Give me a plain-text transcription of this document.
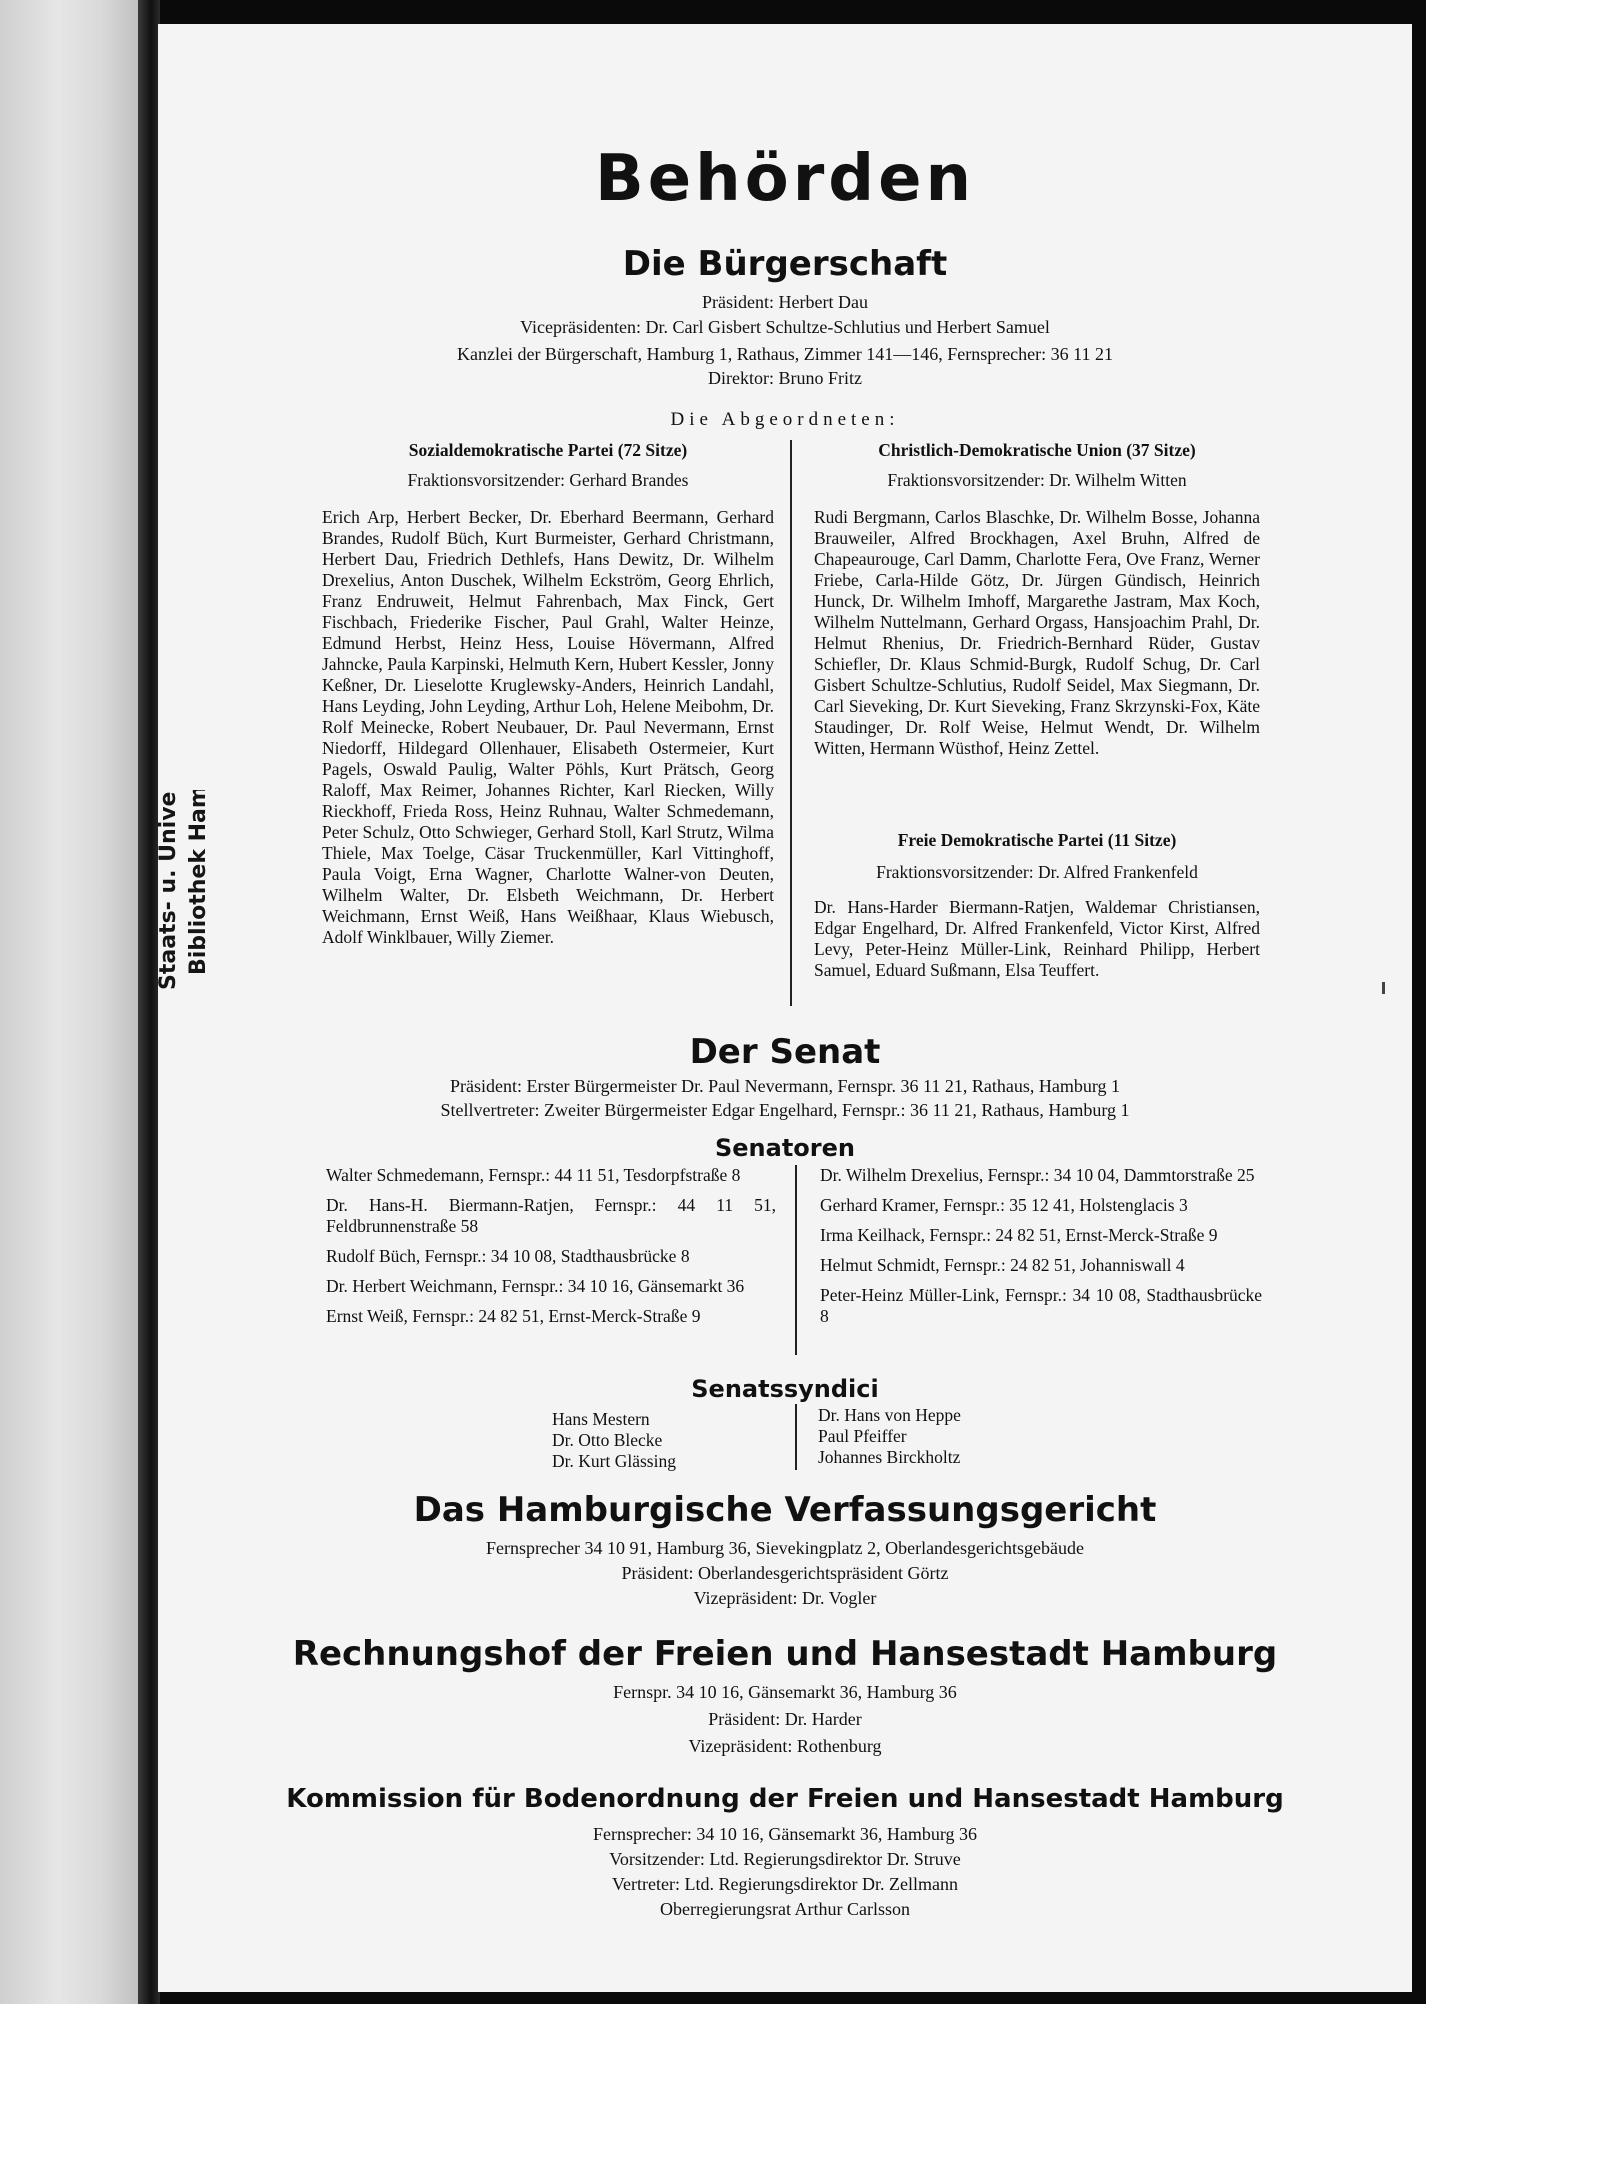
Staats- u. Universitäts- Bibliothek Hamburg
Behörden
Die Bürgerschaft
Präsident: Herbert Dau
Vicepräsidenten: Dr. Carl Gisbert Schultze-Schlutius und Herbert Samuel
Kanzlei der Bürgerschaft, Hamburg 1, Rathaus, Zimmer 141—146, Fernsprecher: 36 11 21
Direktor: Bruno Fritz
Die Abgeordneten:
Sozialdemokratische Partei (72 Sitze)
Fraktionsvorsitzender: Gerhard Brandes
Erich Arp, Herbert Becker, Dr. Eberhard Beermann, Gerhard Brandes, Rudolf Büch, Kurt Burmeister, Gerhard Christmann, Herbert Dau, Friedrich Dethlefs, Hans Dewitz, Dr. Wilhelm Drexelius, Anton Duschek, Wilhelm Eckström, Georg Ehrlich, Franz Endruweit, Helmut Fahrenbach, Max Finck, Gert Fischbach, Friederike Fischer, Paul Grahl, Walter Heinze, Edmund Herbst, Heinz Hess, Louise Hövermann, Alfred Jahncke, Paula Karpinski, Helmuth Kern, Hubert Kessler, Jonny Keßner, Dr. Lieselotte Kruglewsky-Anders, Heinrich Landahl, Hans Leyding, John Leyding, Arthur Loh, Helene Meibohm, Dr. Rolf Meinecke, Robert Neubauer, Dr. Paul Nevermann, Ernst Niedorff, Hildegard Ollenhauer, Elisabeth Ostermeier, Kurt Pagels, Oswald Paulig, Walter Pöhls, Kurt Prätsch, Georg Raloff, Max Reimer, Johannes Richter, Karl Riecken, Willy Rieckhoff, Frieda Ross, Heinz Ruhnau, Walter Schmedemann, Peter Schulz, Otto Schwieger, Gerhard Stoll, Karl Strutz, Wilma Thiele, Max Toelge, Cäsar Truckenmüller, Karl Vittinghoff, Paula Voigt, Erna Wagner, Charlotte Walner-von Deuten, Wilhelm Walter, Dr. Elsbeth Weichmann, Dr. Herbert Weichmann, Ernst Weiß, Hans Weißhaar, Klaus Wiebusch, Adolf Winklbauer, Willy Ziemer.
Christlich-Demokratische Union (37 Sitze)
Fraktionsvorsitzender: Dr. Wilhelm Witten
Rudi Bergmann, Carlos Blaschke, Dr. Wilhelm Bosse, Johanna Brauweiler, Alfred Brockhagen, Axel Bruhn, Alfred de Chapeaurouge, Carl Damm, Charlotte Fera, Ove Franz, Werner Friebe, Carla-Hilde Götz, Dr. Jürgen Gündisch, Heinrich Hunck, Dr. Wilhelm Imhoff, Margarethe Jastram, Max Koch, Wilhelm Nuttelmann, Gerhard Orgass, Hansjoachim Prahl, Dr. Helmut Rhenius, Dr. Friedrich-Bernhard Rüder, Gustav Schiefler, Dr. Klaus Schmid-Burgk, Rudolf Schug, Dr. Carl Gisbert Schultze-Schlutius, Rudolf Seidel, Max Siegmann, Dr. Carl Sieveking, Dr. Kurt Sieveking, Franz Skrzynski-Fox, Käte Staudinger, Dr. Rolf Weise, Helmut Wendt, Dr. Wilhelm Witten, Hermann Wüsthof, Heinz Zettel.
Freie Demokratische Partei (11 Sitze)
Fraktionsvorsitzender: Dr. Alfred Frankenfeld
Dr. Hans-Harder Biermann-Ratjen, Waldemar Christiansen, Edgar Engelhard, Dr. Alfred Frankenfeld, Victor Kirst, Alfred Levy, Peter-Heinz Müller-Link, Reinhard Philipp, Herbert Samuel, Eduard Sußmann, Elsa Teuffert.
Der Senat
Präsident: Erster Bürgermeister Dr. Paul Nevermann, Fernspr. 36 11 21, Rathaus, Hamburg 1
Stellvertreter: Zweiter Bürgermeister Edgar Engelhard, Fernspr.: 36 11 21, Rathaus, Hamburg 1
Senatoren
Walter Schmedemann, Fernspr.: 44 11 51, Tesdorpfstraße 8
Dr. Hans-H. Biermann-Ratjen, Fernspr.: 44 11 51, Feldbrunnenstraße 58
Rudolf Büch, Fernspr.: 34 10 08, Stadthausbrücke 8
Dr. Herbert Weichmann, Fernspr.: 34 10 16, Gänsemarkt 36
Ernst Weiß, Fernspr.: 24 82 51, Ernst-Merck-Straße 9
Dr. Wilhelm Drexelius, Fernspr.: 34 10 04, Dammtorstraße 25
Gerhard Kramer, Fernspr.: 35 12 41, Holstenglacis 3
Irma Keilhack, Fernspr.: 24 82 51, Ernst-Merck-Straße 9
Helmut Schmidt, Fernspr.: 24 82 51, Johanniswall 4
Peter-Heinz Müller-Link, Fernspr.: 34 10 08, Stadthausbrücke 8
Senatssyndici
Hans Mestern
Dr. Otto Blecke
Dr. Kurt Glässing
Dr. Hans von Heppe
Paul Pfeiffer
Johannes Birckholtz
Das Hamburgische Verfassungsgericht
Fernsprecher 34 10 91, Hamburg 36, Sievekingplatz 2, Oberlandesgerichtsgebäude
Präsident: Oberlandesgerichtspräsident Görtz
Vizepräsident: Dr. Vogler
Rechnungshof der Freien und Hansestadt Hamburg
Fernspr. 34 10 16, Gänsemarkt 36, Hamburg 36
Präsident: Dr. Harder
Vizepräsident: Rothenburg
Kommission für Bodenordnung der Freien und Hansestadt Hamburg
Fernsprecher: 34 10 16, Gänsemarkt 36, Hamburg 36
Vorsitzender: Ltd. Regierungsdirektor Dr. Struve
Vertreter: Ltd. Regierungsdirektor Dr. Zellmann
Oberregierungsrat Arthur Carlsson
